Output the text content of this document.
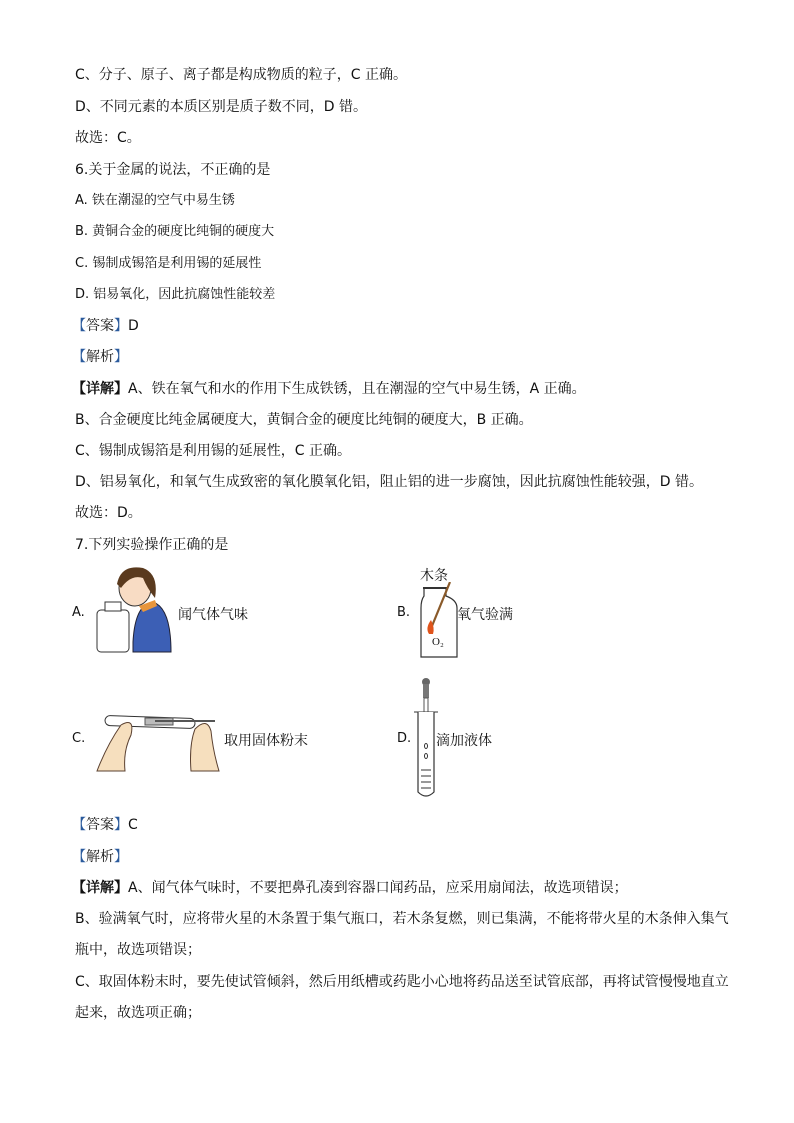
C、分子、原子、离子都是构成物质的粒子，C 正确。
D、不同元素的本质区别是质子数不同，D 错。
故选：C。
6.关于金属的说法，不正确的是
A. 铁在潮湿的空气中易生锈
B. 黄铜合金的硬度比纯铜的硬度大
C. 锡制成锡箔是利用锡的延展性
D. 铝易氧化，因此抗腐蚀性能较差
【答案】D
【解析】
【详解】A、铁在氧气和水的作用下生成铁锈，且在潮湿的空气中易生锈，A 正确。
B、合金硬度比纯金属硬度大，黄铜合金的硬度比纯铜的硬度大，B 正确。
C、锡制成锡箔是利用锡的延展性，C 正确。
D、铝易氧化，和氧气生成致密的氧化膜氧化铝，阻止铝的进一步腐蚀，因此抗腐蚀性能较强，D 错。
故选：D。
7.下列实验操作正确的是
A.	闻气体气味	B.
木条
O₂
氧气验满
C.	取用固体粉末	D. 滴加液体
【答案】C
【解析】
【详解】A、闻气体气味时，不要把鼻孔凑到容器口闻药品，应采用扇闻法，故选项错误；
B、验满氧气时，应将带火星的木条置于集气瓶口，若木条复燃，则已集满，不能将带火星的木条伸入集气
瓶中，故选项错误；
C、取固体粉末时，要先使试管倾斜，然后用纸槽或药匙小心地将药品送至试管底部，再将试管慢慢地直立
起来，故选项正确；
